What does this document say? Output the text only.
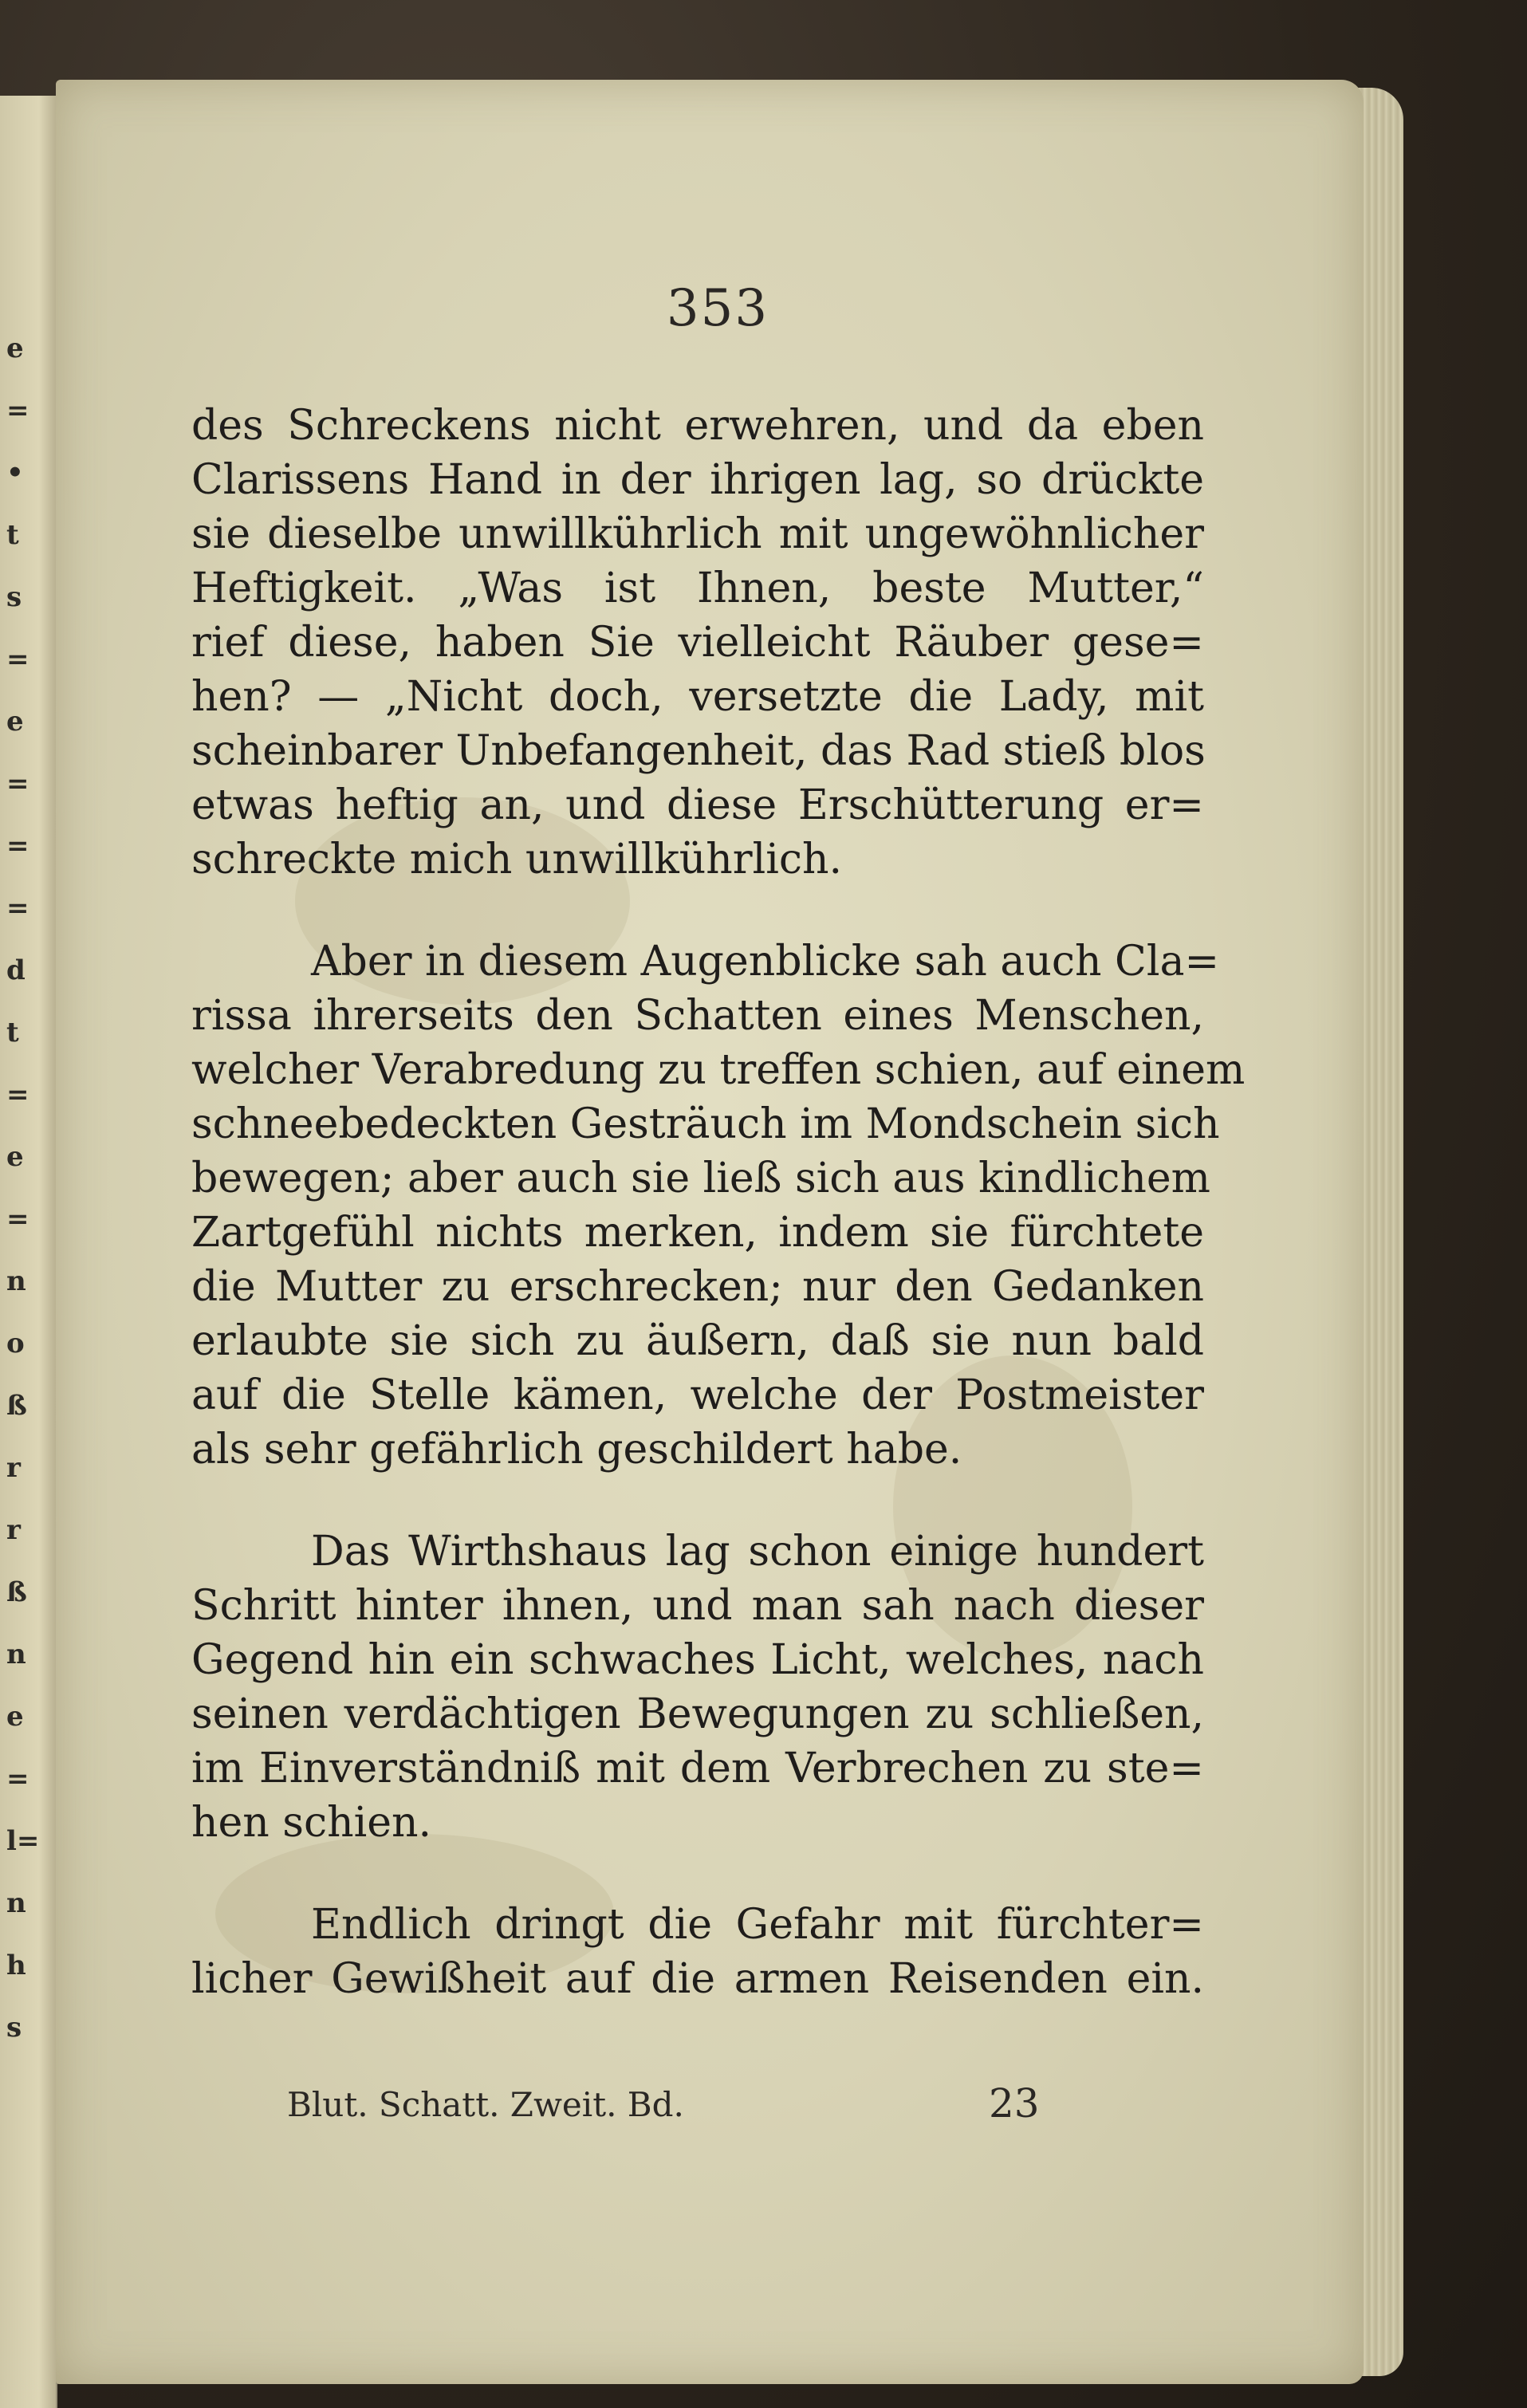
e
=
•
t
s
=
e
=
=
=
d
t
=
e
=
n
o
ß
r
r
ß
n
e
=
l=
n
h
s
353
des Schreckens nicht erwehren, und da eben
Clarissens Hand in der ihrigen lag, so drückte
sie dieselbe unwillkührlich mit ungewöhnlicher
Heftigkeit. „Was ist Ihnen, beste Mutter,“
rief diese, haben Sie vielleicht Räuber gese=
hen? — „Nicht doch, versetzte die Lady, mit
scheinbarer Unbefangenheit, das Rad stieß blos
etwas heftig an, und diese Erschütterung er=
schreckte mich unwillkührlich.
Aber in diesem Augenblicke sah auch Cla=
rissa ihrerseits den Schatten eines Menschen,
welcher Verabredung zu treffen schien, auf einem
schneebedeckten Gesträuch im Mondschein sich
bewegen; aber auch sie ließ sich aus kindlichem
Zartgefühl nichts merken, indem sie fürchtete
die Mutter zu erschrecken; nur den Gedanken
erlaubte sie sich zu äußern, daß sie nun bald
auf die Stelle kämen, welche der Postmeister
als sehr gefährlich geschildert habe.
Das Wirthshaus lag schon einige hundert
Schritt hinter ihnen, und man sah nach dieser
Gegend hin ein schwaches Licht, welches, nach
seinen verdächtigen Bewegungen zu schließen,
im Einverständniß mit dem Verbrechen zu ste=
hen schien.
Endlich dringt die Gefahr mit fürchter=
licher Gewißheit auf die armen Reisenden ein.
Blut. Schatt. Zweit. Bd.	23
